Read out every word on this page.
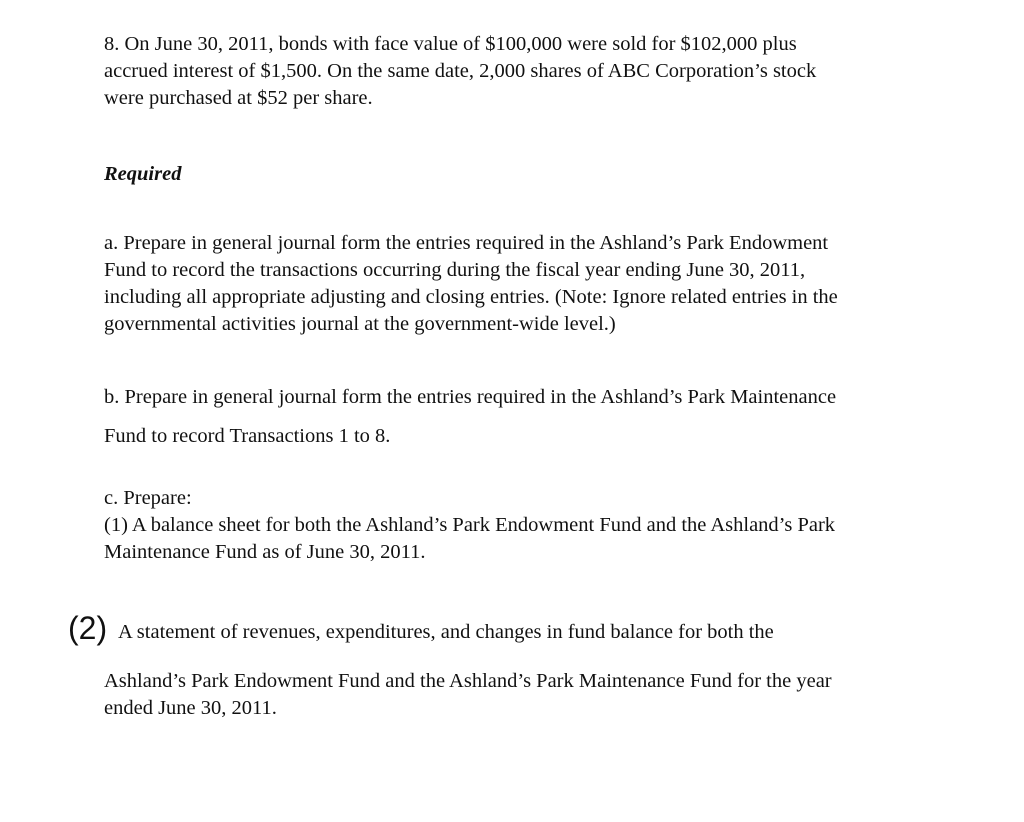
8. On June 30, 2011, bonds with face value of $100,000 were sold for $102,000 plus
accrued interest of $1,500. On the same date, 2,000 shares of ABC Corporation’s stock
were purchased at $52 per share.

Required

a. Prepare in general journal form the entries required in the Ashland’s Park Endowment
Fund to record the transactions occurring during the fiscal year ending June 30, 2011,
including all appropriate adjusting and closing entries. (Note: Ignore related entries in the
governmental activities journal at the government-wide level.)

b. Prepare in general journal form the entries required in the Ashland’s Park Maintenance
Fund to record Transactions 1 to 8.

c. Prepare:
(1) A balance sheet for both the Ashland’s Park Endowment Fund and the Ashland’s Park
Maintenance Fund as of June 30, 2011.

(2) A statement of revenues, expenditures, and changes in fund balance for both the

Ashland’s Park Endowment Fund and the Ashland’s Park Maintenance Fund for the year
ended June 30, 2011.
